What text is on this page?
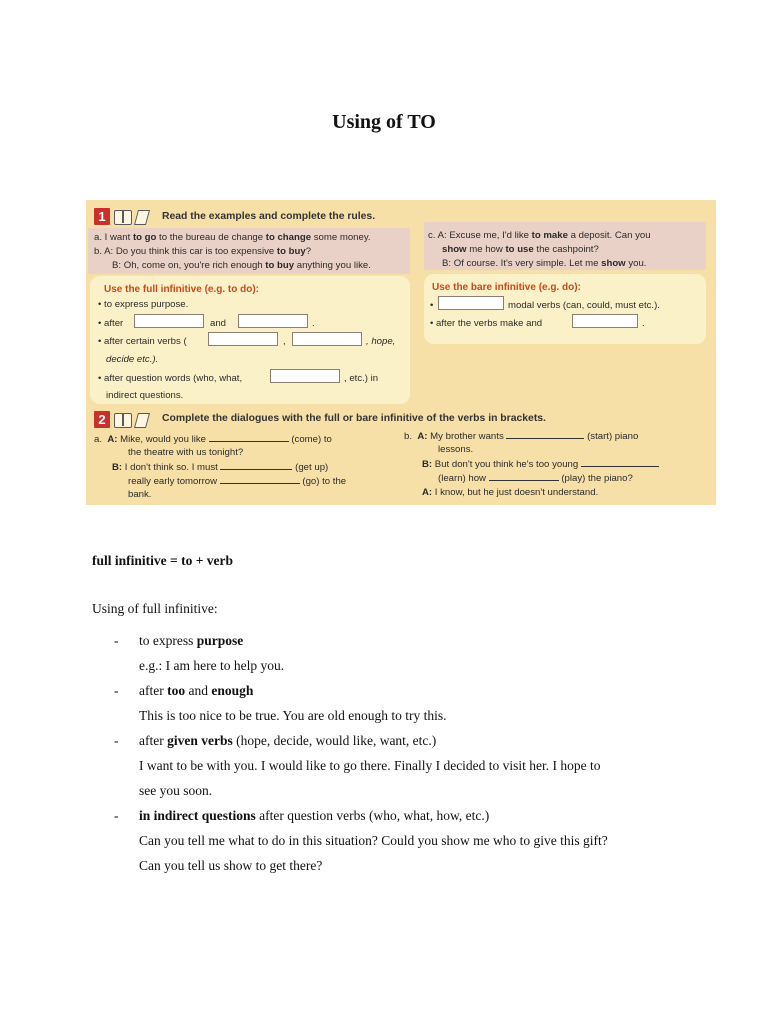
Using of TO
1	Read the examples and complete the rules.
a. I want to go to the bureau de change to change some money.
b. A: Do you think this car is too expensive to buy?
B: Oh, come on, you're rich enough to buy anything you like.
c. A: Excuse me, I'd like to make a deposit. Can you
show me how to use the cashpoint?
B: Of course. It's very simple. Let me show you.
Use the full infinitive (e.g. to do):
• to express purpose.
• after	and	.
• after certain verbs (	,	, hope,
decide etc.).
• after question words (who, what,	, etc.) in
indirect questions.
Use the bare infinitive (e.g. do):
•	modal verbs (can, could, must etc.).
• after the verbs make and	.
2	Complete the dialogues with the full or bare infinitive of the verbs in brackets.
a. A: Mike, would you like	(come) to
the theatre with us tonight?
B: I don't think so. I must	(get up)
really early tomorrow	(go) to the
bank.
b. A: My brother wants	(start) piano
lessons.
B: But don't you think he's too young
(learn) how	(play) the piano?
A: I know, but he just doesn't understand.
full infinitive = to + verb
Using of full infinitive:
- to express purpose
e.g.: I am here to help you.
- after too and enough
This is too nice to be true. You are old enough to try this.
- after given verbs (hope, decide, would like, want, etc.)
I want to be with you. I would like to go there. Finally I decided to visit her. I hope to
see you soon.
- in indirect questions after question verbs (who, what, how, etc.)
Can you tell me what to do in this situation? Could you show me who to give this gift?
Can you tell us show to get there?
